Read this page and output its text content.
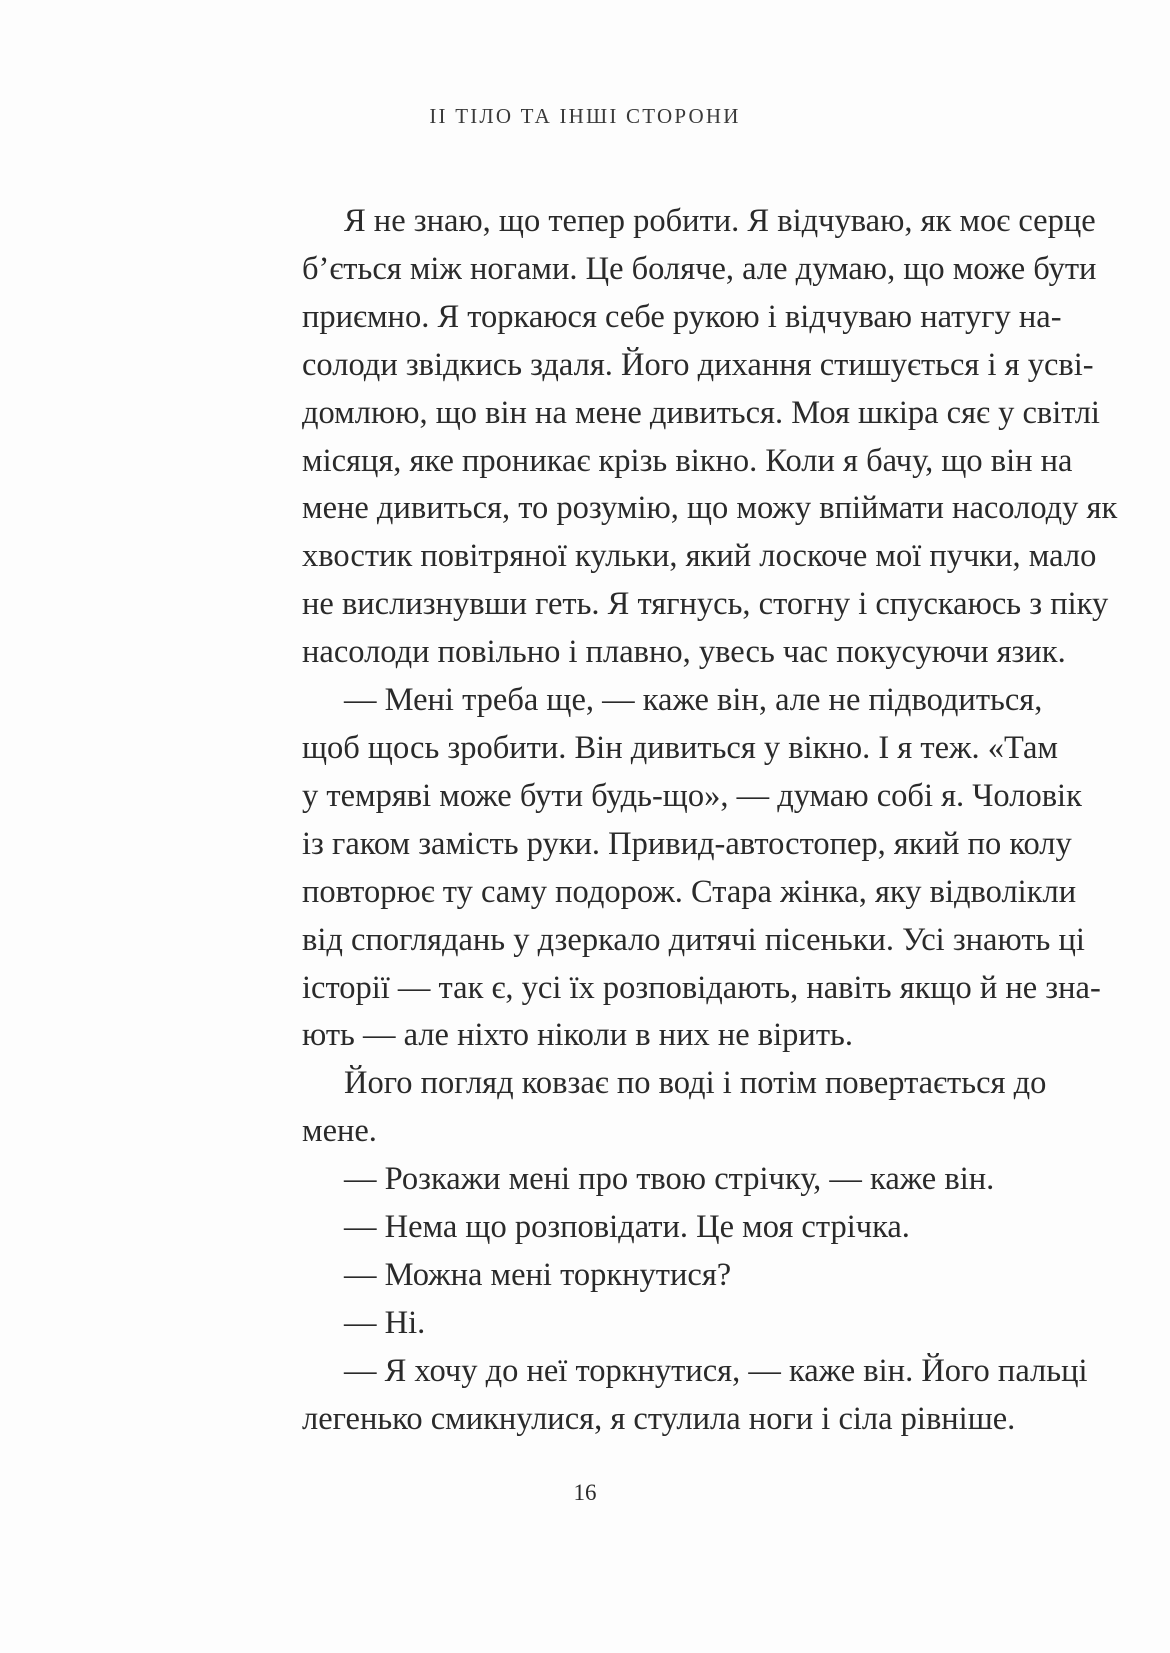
IІ ТІЛО ТА ІНШІ СТОРОНИ
Я не знаю, що тепер робити. Я відчуваю, як моє серце
б’ється між ногами. Це боляче, але думаю, що може бути
приємно. Я торкаюся себе рукою і відчуваю натугу на-
солоди звідкись здаля. Його дихання стишується і я усві-
домлюю, що він на мене дивиться. Моя шкіра сяє у світлі
місяця, яке проникає крізь вікно. Коли я бачу, що він на
мене дивиться, то розумію, що можу впіймати насолоду як
хвостик повітряної кульки, який лоскоче мої пучки, мало
не вислизнувши геть. Я тягнусь, стогну і спускаюсь з піку
насолоди повільно і плавно, увесь час покусуючи язик.
— Мені треба ще, — каже він, але не підводиться,
щоб щось зробити. Він дивиться у вікно. І я теж. «Там
у темряві може бути будь-що», — думаю собі я. Чоловік
із гаком замість руки. Привид-автостопер, який по колу
повторює ту саму подорож. Стара жінка, яку відволікли
від споглядань у дзеркало дитячі пісеньки. Усі знають ці
історії — так є, усі їх розповідають, навіть якщо й не зна-
ють — але ніхто ніколи в них не вірить.
Його погляд ковзає по воді і потім повертається до
мене.
— Розкажи мені про твою стрічку, — каже він.
— Нема що розповідати. Це моя стрічка.
— Можна мені торкнутися?
— Ні.
— Я хочу до неї торкнутися, — каже він. Його пальці
легенько смикнулися, я стулила ноги і сіла рівніше.
16
